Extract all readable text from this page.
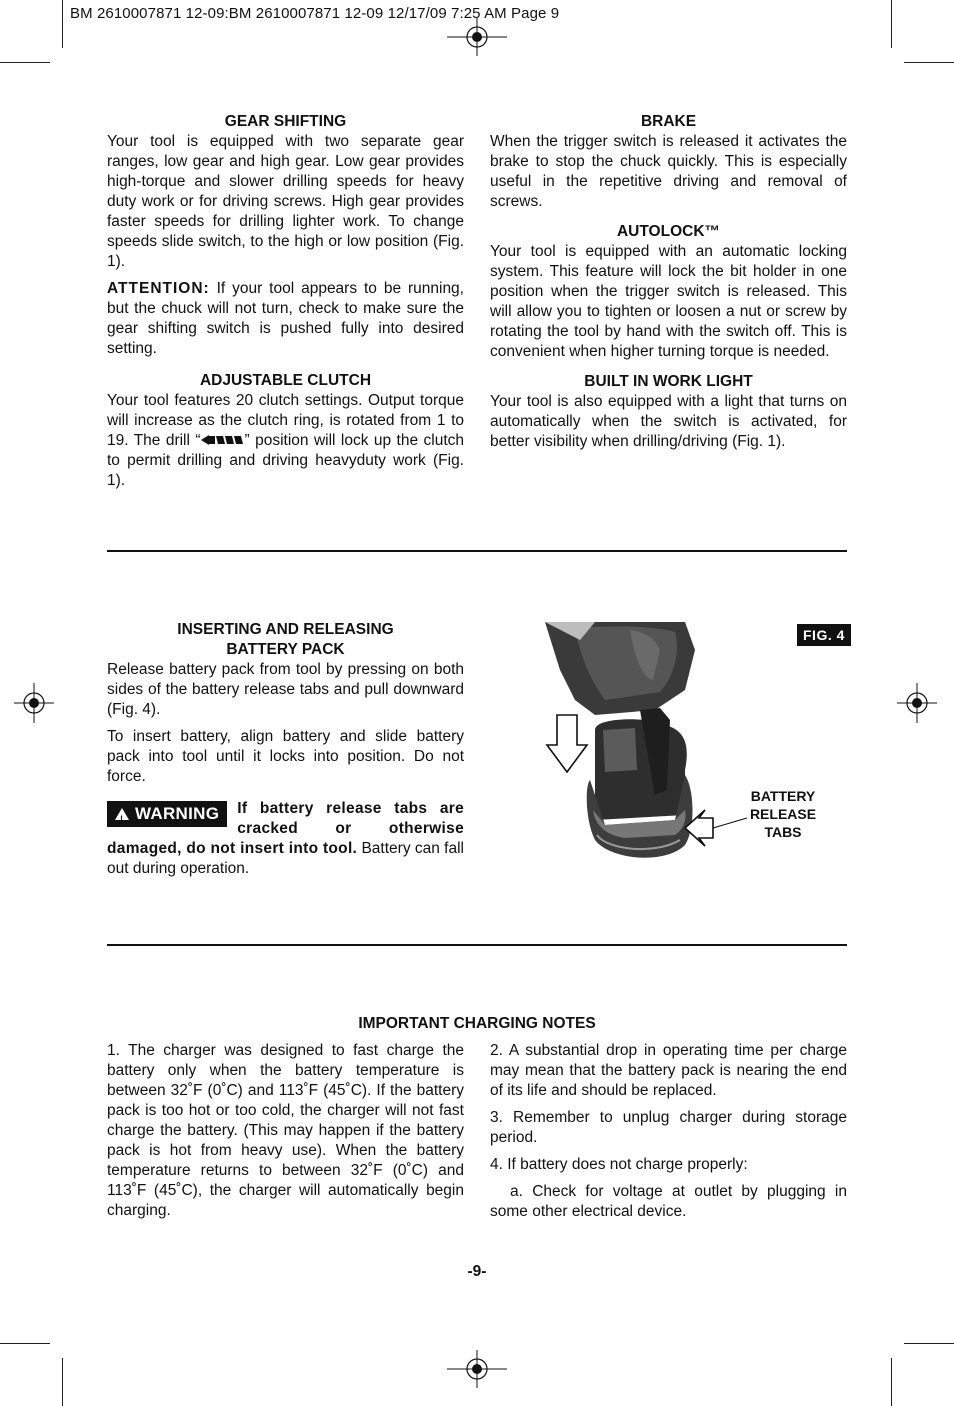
BM 2610007871 12-09:BM 2610007871 12-09 12/17/09 7:25 AM Page 9
GEAR SHIFTING

Your tool is equipped with two separate gear ranges, low gear and high gear. Low gear provides high-torque and slower drilling speeds for heavy duty work or for driving screws. High gear provides faster speeds for drilling lighter work. To change speeds slide switch, to the high or low position (Fig. 1).

ATTENTION: If your tool appears to be running, but the chuck will not turn, check to make sure the gear shifting switch is pushed fully into desired setting.

ADJUSTABLE CLUTCH

Your tool features 20 clutch settings. Output torque will increase as the clutch ring, is rotated from 1 to 19. The drill “	” position will lock up the clutch to permit drilling and driving heavyduty work (Fig. 1).

BRAKE

When the trigger switch is released it activates the brake to stop the chuck quickly. This is especially useful in the repetitive driving and removal of screws.

AUTOLOCK™

Your tool is equipped with an automatic locking system. This feature will lock the bit holder in one position when the trigger switch is released. This will allow you to tighten or loosen a nut or screw by rotating the tool by hand with the switch off. This is convenient when higher turning torque is needed.

BUILT IN WORK LIGHT

Your tool is also equipped with a light that turns on automatically when the switch is activated, for better visibility when drilling/driving (Fig. 1).

INSERTING AND RELEASING
BATTERY PACK

Release battery pack from tool by pressing on both sides of the battery release tabs and pull downward (Fig. 4).

To insert battery, align battery and slide battery pack into tool until it locks into position. Do not force.

!WARNING	If battery release tabs are cracked or otherwise damaged, do not insert into tool. Battery can fall out during operation.

FIG. 4
BATTERY
RELEASE
TABS
IMPORTANT CHARGING NOTES

1. The charger was designed to fast charge the battery only when the battery temperature is between 32˚F (0˚C) and 113˚F (45˚C). If the battery pack is too hot or too cold, the charger will not fast charge the battery. (This may happen if the battery pack is hot from heavy use). When the battery temperature returns to between 32˚F (0˚C) and 113˚F (45˚C), the charger will automatically begin charging.

2. A substantial drop in operating time per charge may mean that the battery pack is nearing the end of its life and should be replaced.

3. Remember to unplug charger during storage period.

4. If battery does not charge properly:

a. Check for voltage at outlet by plugging in some other electrical device.

-9-
